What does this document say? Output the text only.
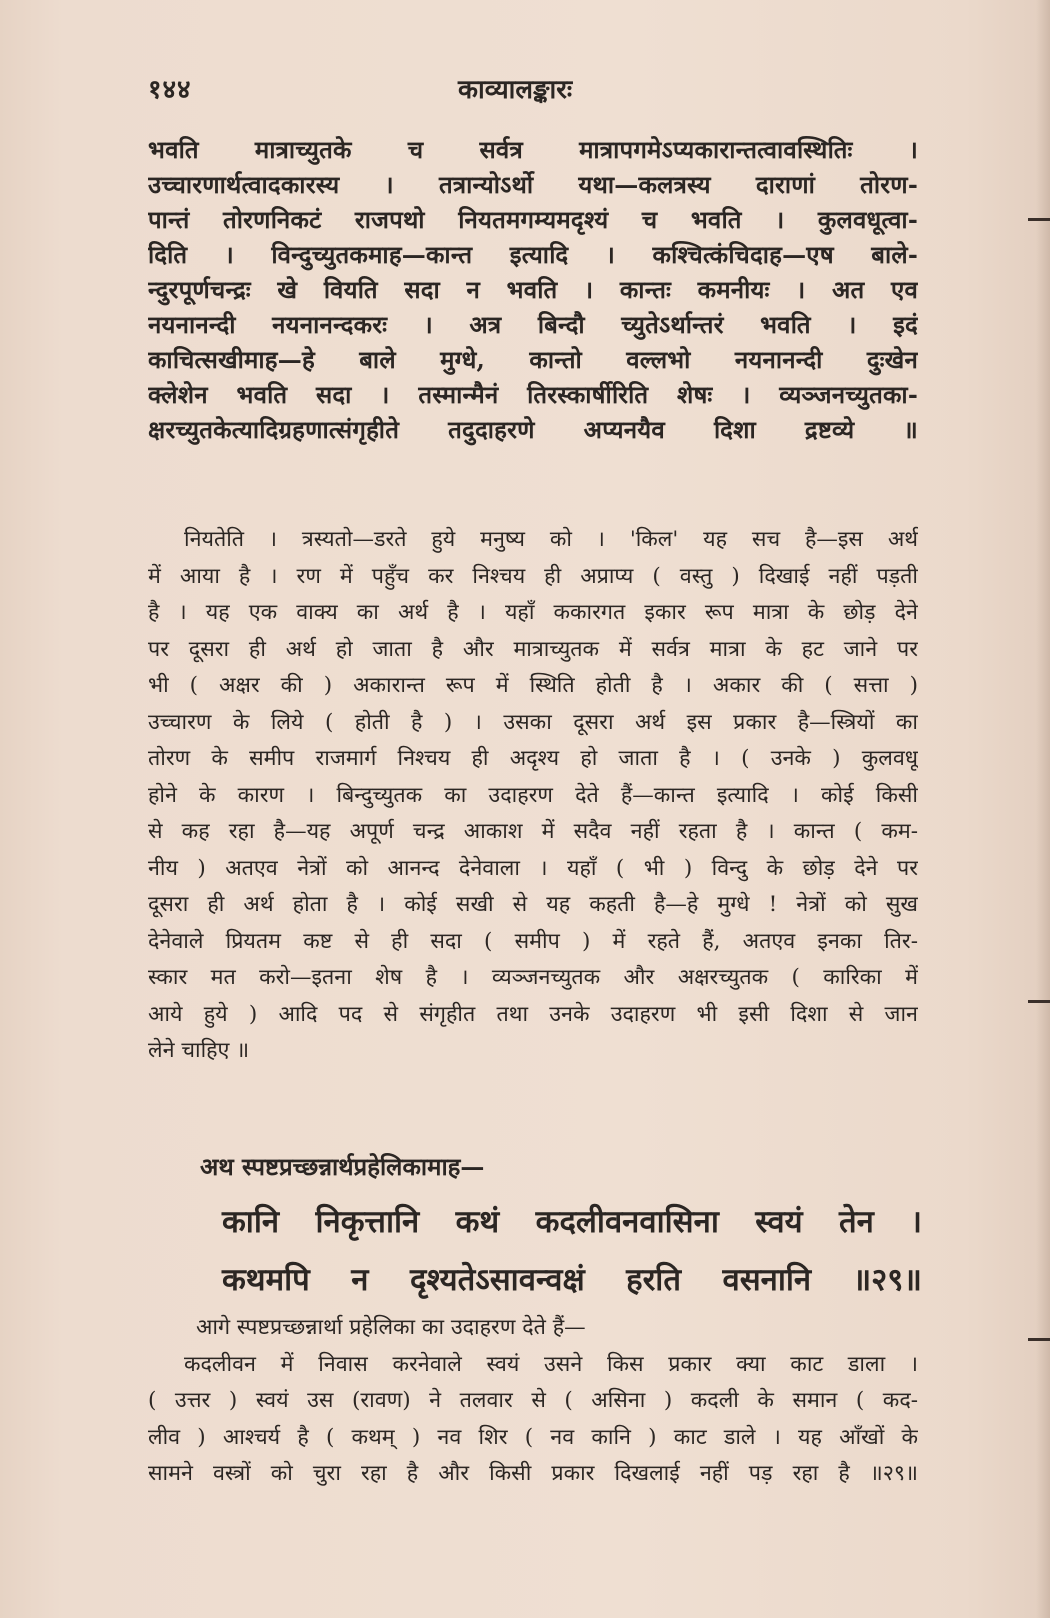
१४४	काव्यालङ्कारः

भवति मात्राच्युतके च सर्वत्र मात्रापगमेऽप्यकारान्तत्वावस्थितिः ।

उच्चारणार्थत्वादकारस्य । तत्रान्योऽर्थो यथा—कलत्रस्य दाराणां तोरण-

पान्तं तोरणनिकटं राजपथो नियतमगम्यमदृश्यं च भवति । कुलवधूत्वा-

दिति । विन्दुच्युतकमाह—कान्त इत्यादि । कश्चित्कंचिदाह—एष बाले-

न्दुरपूर्णचन्द्रः खे वियति सदा न भवति । कान्तः कमनीयः । अत एव

नयनानन्दी नयनानन्दकरः । अत्र बिन्दौ च्युतेऽर्थान्तरं भवति । इदं

काचित्सखीमाह—हे बाले मुग्धे, कान्तो वल्लभो नयनानन्दी दुःखेन

क्लेशेन भवति सदा । तस्मान्मैनं तिरस्कार्षीरिति शेषः । व्यञ्जनच्युतका-

क्षरच्युतकेत्यादिग्रहणात्संगृहीते तदुदाहरणे अप्यनयैव दिशा द्रष्टव्ये ॥

नियतेति । त्रस्यतो—डरते हुये मनुष्य को । 'किल' यह सच है—इस अर्थ

में आया है । रण में पहुँच कर निश्चय ही अप्राप्य ( वस्तु ) दिखाई नहीं पड़ती

है । यह एक वाक्य का अर्थ है । यहाँ ककारगत इकार रूप मात्रा के छोड़ देने

पर दूसरा ही अर्थ हो जाता है और मात्राच्युतक में सर्वत्र मात्रा के हट जाने पर

भी ( अक्षर की ) अकारान्त रूप में स्थिति होती है । अकार की ( सत्ता )

उच्चारण के लिये ( होती है ) । उसका दूसरा अर्थ इस प्रकार है—स्त्रियों का

तोरण के समीप राजमार्ग निश्चय ही अदृश्य हो जाता है । ( उनके ) कुलवधू

होने के कारण । बिन्दुच्युतक का उदाहरण देते हैं—कान्त इत्यादि । कोई किसी

से कह रहा है—यह अपूर्ण चन्द्र आकाश में सदैव नहीं रहता है । कान्त ( कम-

नीय ) अतएव नेत्रों को आनन्द देनेवाला । यहाँ ( भी ) विन्दु के छोड़ देने पर

दूसरा ही अर्थ होता है । कोई सखी से यह कहती है—हे मुग्धे ! नेत्रों को सुख

देनेवाले प्रियतम कष्ट से ही सदा ( समीप ) में रहते हैं, अतएव इनका तिर-

स्कार मत करो—इतना शेष है । व्यञ्जनच्युतक और अक्षरच्युतक ( कारिका में

आये हुये ) आदि पद से संगृहीत तथा उनके उदाहरण भी इसी दिशा से जान

लेने चाहिए ॥

अथ स्पष्टप्रच्छन्नार्थप्रहेलिकामाह—
कानि निकृत्तानि कथं कदलीवनवासिना स्वयं तेन ।
कथमपि न दृश्यतेऽसावन्वक्षं हरति वसनानि ॥२९॥

आगे स्पष्टप्रच्छन्नार्था प्रहेलिका का उदाहरण देते हैं—

कदलीवन में निवास करनेवाले स्वयं उसने किस प्रकार क्या काट डाला ।

( उत्तर ) स्वयं उस (रावण) ने तलवार से ( असिना ) कदली के समान ( कद-

लीव ) आश्चर्य है ( कथम् ) नव शिर ( नव कानि ) काट डाले । यह आँखों के

सामने वस्त्रों को चुरा रहा है और किसी प्रकार दिखलाई नहीं पड़ रहा है ॥२९॥
